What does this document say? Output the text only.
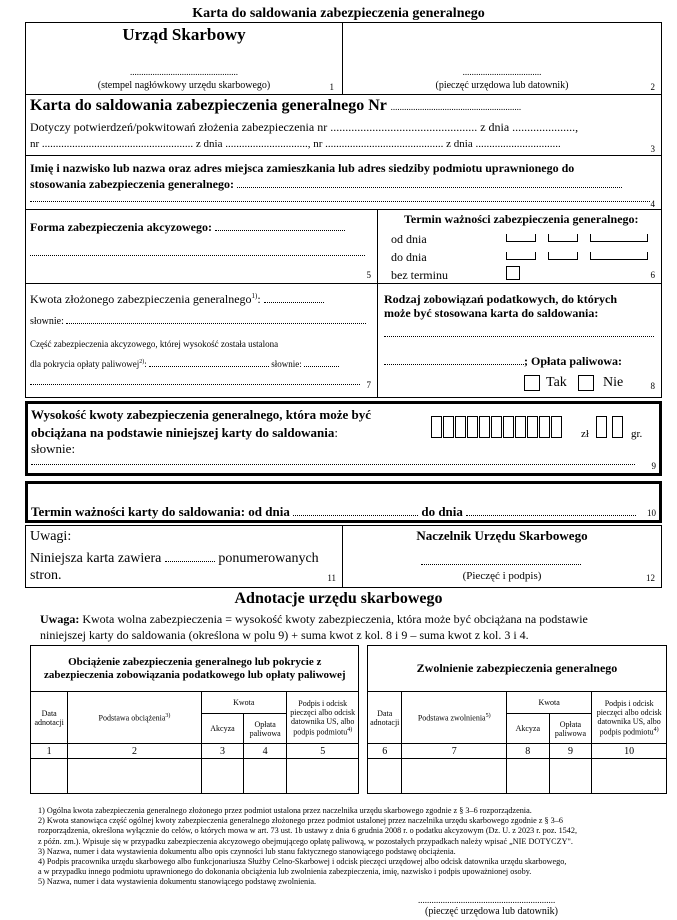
Karta do saldowania zabezpieczenia generalnego
Urząd Skarbowy
................................................
(stempel nagłówkowy urzędu skarbowego)	1
...................................
(pieczęć urzędowa lub datownik)	2
Karta do saldowania zabezpieczenia generalnego Nr ..........................................................
Dotyczy potwierdzeń/pokwitowań złożenia zabezpieczenia nr ................................................. z dnia .....................,
nr ....................................................... z dnia .............................., nr ........................................... z dnia ...............................	3
Imię i nazwisko lub nazwa oraz adres miejsca zamieszkania lub adres siedziby podmiotu uprawnionego do
stosowania zabezpieczenia generalnego:
4
Forma zabezpieczenia akcyzowego:
5
Termin ważności zabezpieczenia generalnego:
od dnia
do dnia
bez terminu	6
Kwota złożonego zabezpieczenia generalnego$^{1)}$:
słownie:
Część zabezpieczenia akcyzowego, której wysokość została ustalona
dla pokrycia opłaty paliwowej$^{2)}$:	słownie:
7
Rodzaj zobowiązań podatkowych, do których
może być stosowana karta do saldowania:
; Opłata paliwowa:
Tak	Nie	8
Wysokość kwoty zabezpieczenia generalnego, która może być
obciążana na podstawie niniejszej karty do saldowania:
słownie:
zł	gr.
9
Termin ważności karty do saldowania: od dnia	do dnia	10
Uwagi:
Niniejsza karta zawiera	ponumerowanych
stron.	11
Naczelnik Urzędu Skarbowego
(Pieczęć i podpis)	12
Adnotacje urzędu skarbowego
Uwaga: Kwota wolna zabezpieczenia = wysokość kwoty zabezpieczenia, która może być obciążana na podstawie
niniejszej karty do saldowania (określona w polu 9) + suma kwot z kol. 8 i 9 – suma kwot z kol. 3 i 4.
Obciążenie zabezpieczenia generalnego lub pokrycie z zabezpieczenia zobowiązania podatkowego lub opłaty paliwowej						Zwolnienie zabezpieczenia generalnego				
Data adnotacji	Podstawa obciążenia$^{3)}$	Kwota		Podpis i odcisk pieczęci albo odcisk datownika US, albo podpis podmiotu$^{4)}$		Data adnotacji	Podstawa zwolnienia$^{5)}$	Kwota		Podpis i odcisk pieczęci albo odcisk datownika US, albo podpis podmiotu$^{4)}$
		Akcyza	Opłata paliwowa					Akcyza	Opłata paliwowa	
1	2	3	4	5		6	7	8	9	10

1) Ogólna kwota zabezpieczenia generalnego złożonego przez podmiot ustalona przez naczelnika urzędu skarbowego zgodnie z § 3–6 rozporządzenia.
2) Kwota stanowiąca część ogólnej kwoty zabezpieczenia generalnego złożonego przez podmiot ustalonej przez naczelnika urzędu skarbowego zgodnie z § 3–6
rozporządzenia, określona wyłącznie do celów, o których mowa w art. 73 ust. 1b ustawy z dnia 6 grudnia 2008 r. o podatku akcyzowym (Dz. U. z 2023 r. poz. 1542,
z późn. zm.). Wpisuje się w przypadku zabezpieczenia akcyzowego obejmującego opłatę paliwową, w pozostałych przypadkach należy wpisać „NIE DOTYCZY".
3) Nazwa, numer i data wystawienia dokumentu albo opis czynności lub stanu faktycznego stanowiącego podstawę obciążenia.
4) Podpis pracownika urzędu skarbowego albo funkcjonariusza Służby Celno-Skarbowej i odcisk pieczęci urzędowej albo odcisk datownika urzędu skarbowego,
a w przypadku innego podmiotu uprawnionego do dokonania obciążenia lub zwolnienia zabezpieczenia, imię, nazwisko i podpis upoważnionej osoby.
5) Nazwa, numer i data wystawienia dokumentu stanowiącego podstawę zwolnienia.
.............................................................
(pieczęć urzędowa lub datownik)
